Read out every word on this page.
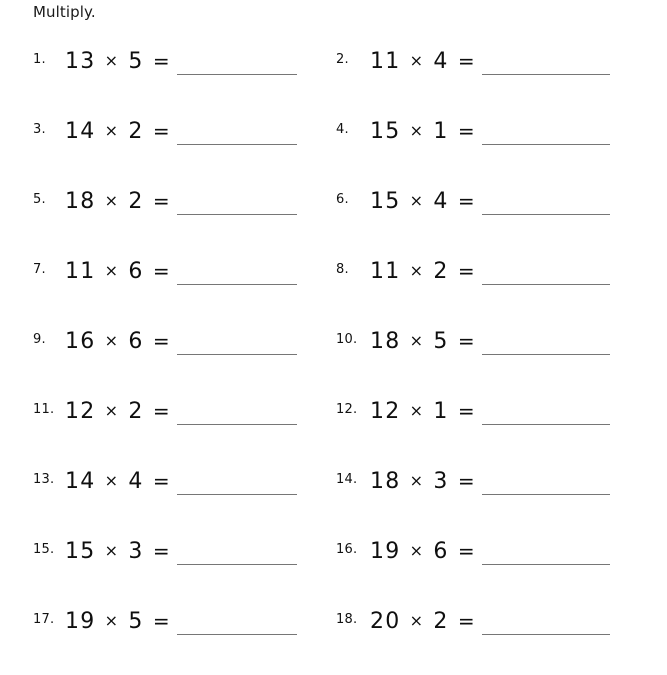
Multiply.
1. 13 × 5 =	2. 11 × 4 =
3. 14 × 2 =	4. 15 × 1 =
5. 18 × 2 =	6. 15 × 4 =
7. 11 × 6 =	8. 11 × 2 =
9. 16 × 6 =	10. 18 × 5 =
11. 12 × 2 =	12. 12 × 1 =
13. 14 × 4 =	14. 18 × 3 =
15. 15 × 3 =	16. 19 × 6 =
17. 19 × 5 =	18. 20 × 2 =
